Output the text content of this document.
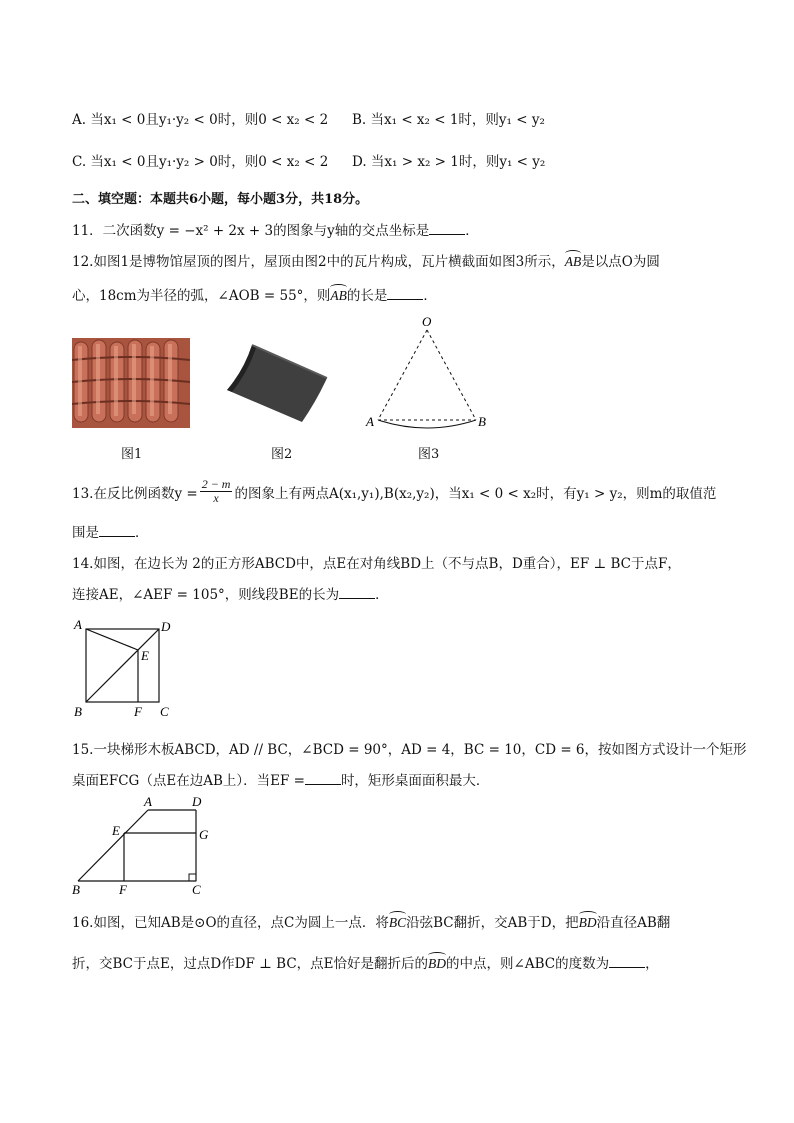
A. 当x₁ < 0且y₁·y₂ < 0时，则0 < x₂ < 2 B. 当x₁ < x₂ < 1时，则y₁ < y₂
C. 当x₁ < 0且y₁·y₂ > 0时，则0 < x₂ < 2 D. 当x₁ > x₂ > 1时，则y₁ < y₂
二、填空题：本题共6小题，每小题3分，共18分。
11．二次函数y = −x² + 2x + 3的图象与y轴的交点坐标是	．
12.如图1是博物馆屋顶的图片，屋顶由图2中的瓦片构成，瓦片横截面如图3所示，AB是以点O为圆
心，18cm为半径的弧，∠AOB = 55°，则AB的长是	．
图1	图2
O
A	B
图3
13.在反比例函数$y = \frac{2 - m}{x}$ 的图象上有两点A(x₁,y₁),B(x₂,y₂)，当x₁ < 0 < x₂时，有y₁ > y₂，则m的取值范
围是	．
14.如图，在边长为 2的正方形ABCD中，点E在对角线BD上（不与点B，D重合），EF ⊥ BC于点F，
连接AE，∠AEF = 105°，则线段BE的长为	．
A	D
E
B	F C
15.一块梯形木板ABCD，AD // BC，∠BCD = 90°，AD = 4，BC = 10，CD = 6，按如图方式设计一个矩形
桌面EFCG（点E在边AB上）．当EF =	时，矩形桌面面积最大．
A	D
E	G
B	F	C
16.如图，已知AB是⊙O的直径，点C为圆上一点．将BC沿弦BC翻折，交AB于D，把BD沿直径AB翻
折，交BC于点E，过点D作DF ⊥ BC，点E恰好是翻折后的BD的中点，则∠ABC的度数为	，
